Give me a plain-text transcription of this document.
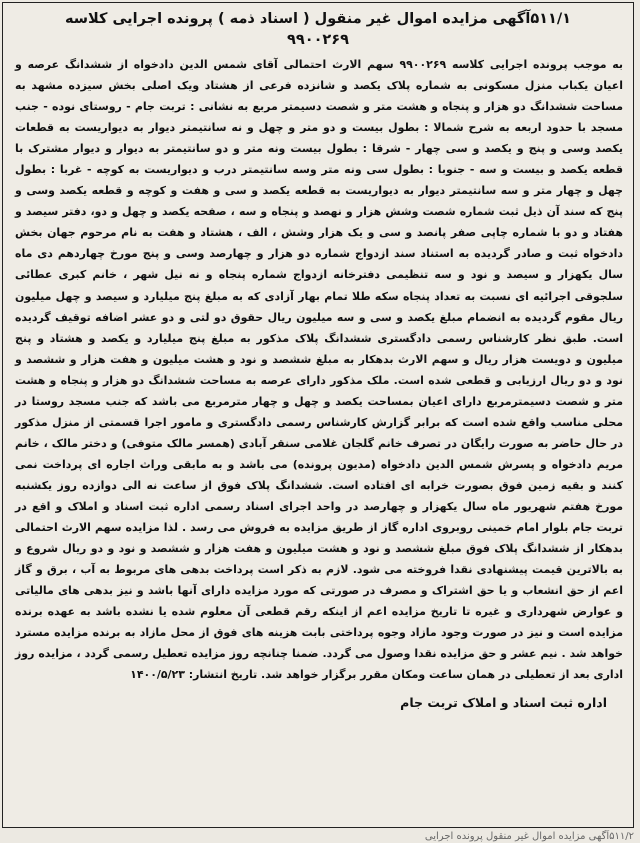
۵۱۱/۱آگهی مزایده اموال غیر منقول ( اسناد ذمه ) پرونده اجرایی کلاسه
۹۹۰۰۲۶۹

به موجب پرونده اجرایی کلاسه ۹۹۰۰۲۶۹ سهم الارث احتمالی آقای شمس الدین دادخواه از ششدانگ عرصه و اعیان یکباب منزل مسکونی به شماره پلاک یکصد و شانزده فرعی از هشتاد ویک اصلی بخش سیزده مشهد به مساحت ششدانگ دو هزار و پنجاه و هشت متر و شصت دسیمتر مربع به نشانی : تربت جام - روستای نوده - جنب مسجد با حدود اربعه به شرح شمالا : بطول بیست و دو متر و چهل و نه سانتیمتر دیوار به دیواریست به قطعات یکصد وسی و پنج و یکصد و سی چهار - شرقا : بطول بیست ونه متر و دو سانتیمتر به دیوار و دیوار مشترک با قطعه یکصد و بیست و سه - جنوبا : بطول سی ونه متر وسه سانتیمتر درب و دیواریست به کوچه - غربا : بطول چهل و چهار متر و سه سانتیمتر دیوار به دیواریست به قطعه یکصد و سی و هفت و کوچه و قطعه یکصد وسی و پنج که سند آن ذیل ثبت شماره شصت وشش هزار و نهصد و پنجاه و سه ، صفحه یکصد و چهل و دو، دفتر سیصد و هفتاد و دو با شماره چاپی صفر پانصد و سی و یک هزار وشش ، الف ، هشتاد و هفت به نام مرحوم جهان بخش دادخواه ثبت و صادر گردیده به استناد سند ازدواج شماره دو هزار و چهارصد وسی و پنج مورخ چهاردهم دی ماه سال یکهزار و سیصد و نود و سه تنظیمی دفترخانه ازدواج شماره پنجاه و نه نیل شهر ، خانم کبری عطائی سلجوقی اجرائیه ای نسبت به تعداد پنجاه سکه طلا تمام بهار آزادی که به مبلغ پنج میلیارد و سیصد و چهل میلیون ریال مقوم گردیده به انضمام مبلغ یکصد و سی و سه میلیون ریال حقوق دو لتی و دو عشر اضافه توقیف گردیده است. طبق نظر کارشناس رسمی دادگستری ششدانگ پلاک مذکور به مبلغ پنج میلیارد و یکصد و هشتاد و پنج میلیون و دویست هزار ریال و سهم الارث بدهکار به مبلغ ششصد و نود و هشت میلیون و هفت هزار و ششصد و نود و دو ریال ارزیابی و قطعی شده است. ملک مذکور دارای عرصه به مساحت ششدانگ دو هزار و پنجاه و هشت متر و شصت دسیمترمربع دارای اعیان بمساحت یکصد و چهل و چهار مترمربع می باشد که جنب مسجد روستا در محلی مناسب واقع شده است که برابر گزارش کارشناس رسمی دادگستری و مامور اجرا قسمتی از منزل مذکور در حال حاضر به صورت رایگان در تصرف خانم گلجان غلامی سنقر آبادی (همسر مالک متوفی) و دختر مالک ، خانم مریم دادخواه و پسرش شمس الدین دادخواه (مدیون پرونده) می باشد و به مابقی وراث اجاره ای پرداخت نمی کنند و بقیه زمین فوق بصورت خرابه ای افتاده است. ششدانگ پلاک فوق از ساعت نه الی دوازده روز یکشنبه مورخ هفتم شهریور ماه سال یکهزار و چهارصد در واحد اجرای اسناد رسمی اداره ثبت اسناد و املاک و اقع در تربت جام بلوار امام خمینی روبروی اداره گاز از طریق مزایده به فروش می رسد . لذا مزایده سهم الارث احتمالی بدهکار از ششدانگ پلاک فوق مبلغ ششصد و نود و هشت میلیون و هفت هزار و ششصد و نود و دو ریال شروع و به بالاترین قیمت پیشنهادی نقدا فروخته می شود. لازم به ذکر است پرداخت بدهی های مربوط به آب ، برق و گاز اعم از حق انشعاب و یا حق اشتراک و مصرف در صورتی که مورد مزایده دارای آنها باشد و نیز بدهی های مالیاتی و عوارض شهرداری و غیره تا تاریخ مزایده اعم از اینکه رقم قطعی آن معلوم شده یا نشده باشد به عهده برنده مزایده است و نیز در صورت وجود مازاد وجوه پرداختی بابت هزینه های فوق از محل مازاد به برنده مزایده مسترد خواهد شد . نیم عشر و حق مزایده نقدا وصول می گردد. ضمنا چنانچه روز مزایده تعطیل رسمی گردد ، مزایده روز اداری بعد از تعطیلی در همان ساعت ومکان مقرر برگزار خواهد شد. تاریخ انتشار: ۱۴۰۰/۵/۲۳

اداره ثبت اسناد و املاک تربت جام
۵۱۱/۲آگهی مزایده اموال غیر منقول پرونده اجرایی
